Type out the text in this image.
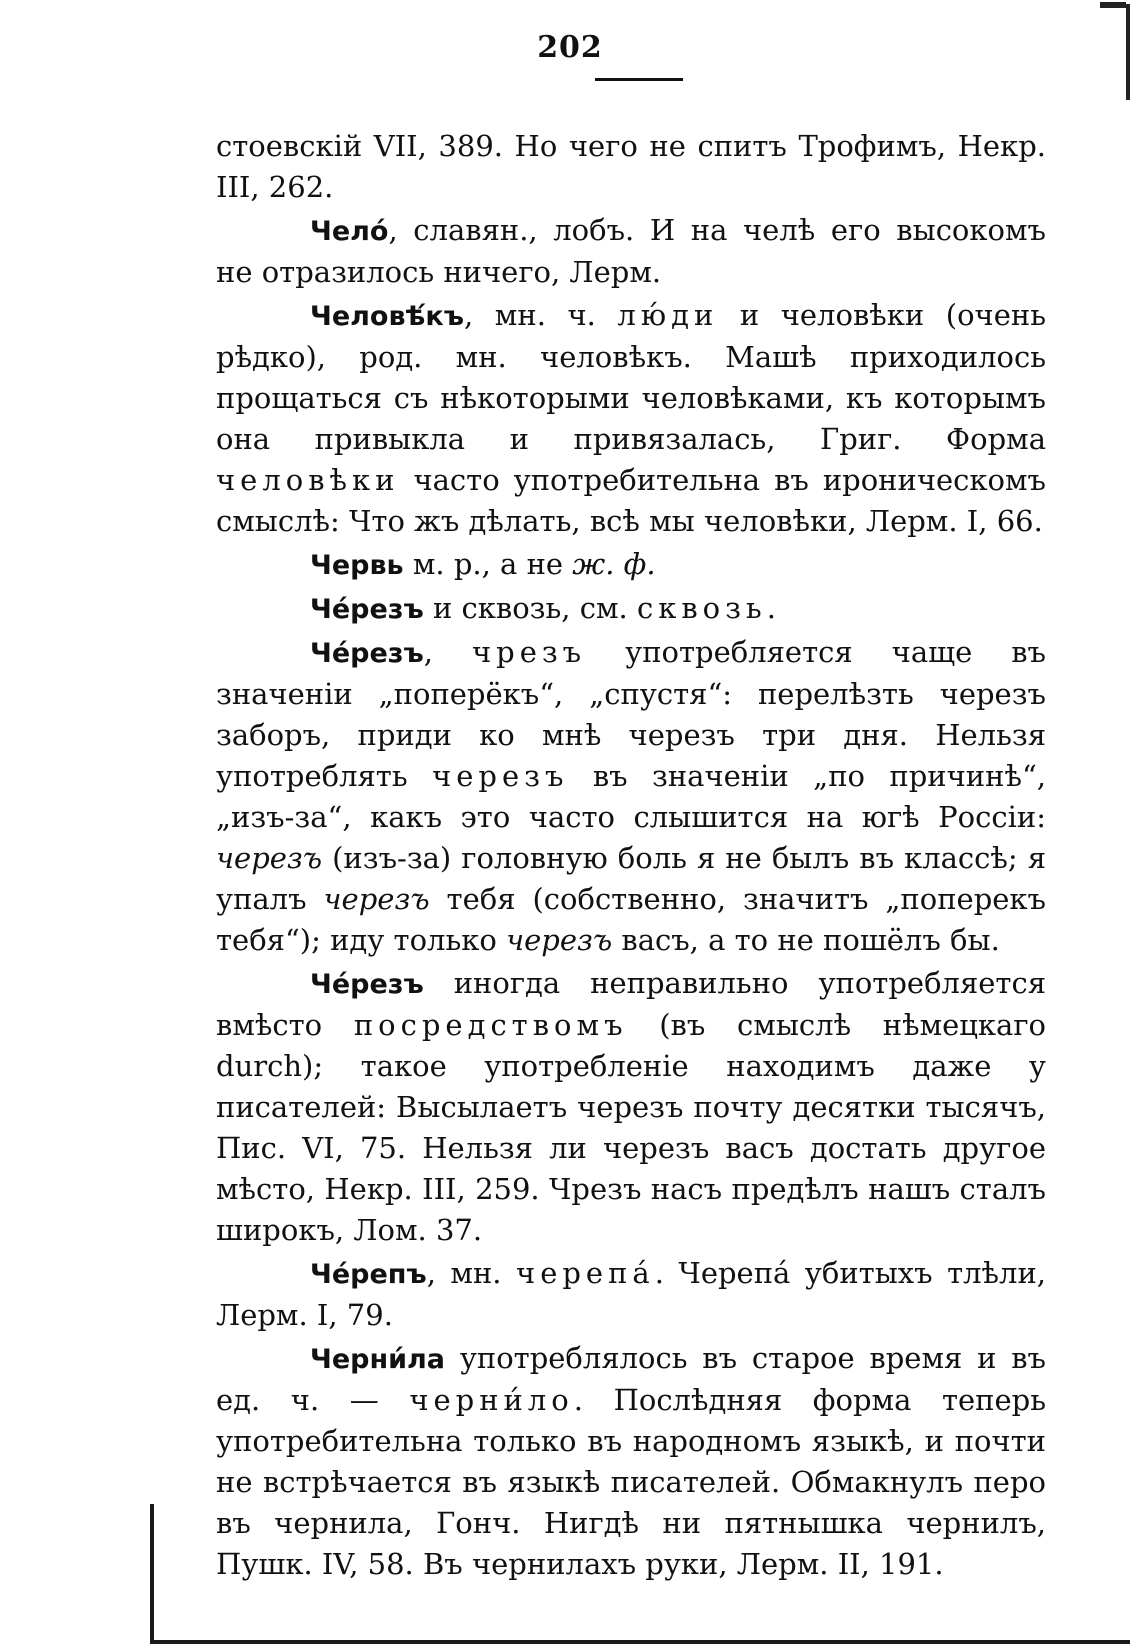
202

стоевскій VII, 389. Но чего не спитъ Трофимъ, Некр. III, 262.

Чело́, славян., лобъ. И на челѣ его высокомъ не отразилось ничего, Лерм.

Человѣ́къ, мн. ч. лю́ди и человѣки (очень рѣдко), род. мн. человѣкъ. Машѣ приходилось прощаться съ нѣкоторыми человѣками, къ которымъ она привыкла и привязалась, Григ. Форма человѣки часто употребительна въ ироническомъ смыслѣ: Что жъ дѣлать, всѣ мы человѣки, Лерм. I, 66.

Червь м. р., а не ж. ф.

Че́резъ и сквозь, см. сквозь.

Че́резъ, чрезъ употребляется чаще въ значеніи „поперёкъ“, „спустя“: перелѣзть черезъ заборъ, приди ко мнѣ черезъ три дня. Нельзя употреблять черезъ въ значеніи „по причинѣ“, „изъ-за“, какъ это часто слышится на югѣ Россіи: черезъ (изъ-за) головную боль я не былъ въ классѣ; я упалъ черезъ тебя (собственно, значитъ „поперекъ тебя“); иду только черезъ васъ, а то не пошёлъ бы.

Че́резъ иногда неправильно употребляется вмѣсто посредствомъ (въ смыслѣ нѣмецкаго durch); такое употребленіе находимъ даже у писателей: Высылаетъ черезъ почту десятки тысячъ, Пис. VI, 75. Нельзя ли черезъ васъ достать другое мѣсто, Некр. III, 259. Чрезъ насъ предѣлъ нашъ сталъ широкъ, Лом. 37.

Че́репъ, мн. черепа́. Черепа́ убитыхъ тлѣли, Лерм. I, 79.

Черни́ла употреблялось въ старое время и въ ед. ч. — черни́ло. Послѣдняя форма теперь употребительна только въ народномъ языкѣ, и почти не встрѣчается въ языкѣ писателей. Обмакнулъ перо въ чернила, Гонч. Нигдѣ ни пятнышка чернилъ, Пушк. IV, 58. Въ чернилахъ руки, Лерм. II, 191.
